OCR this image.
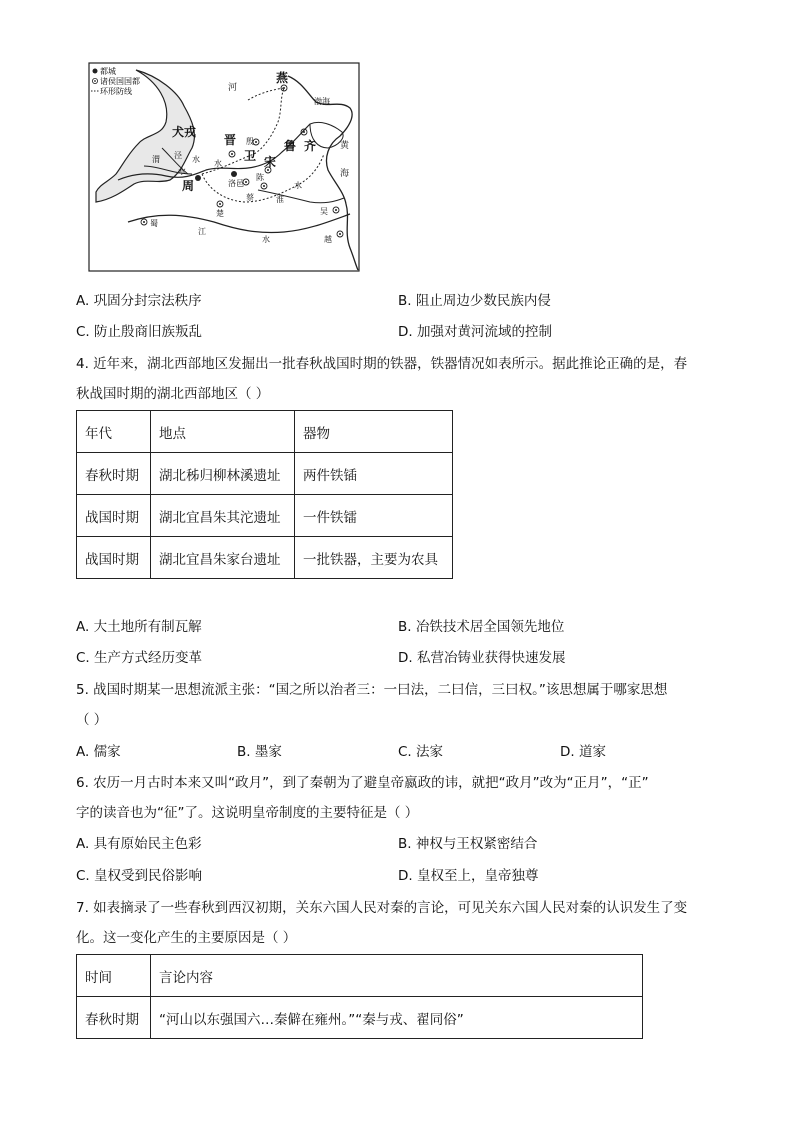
都城
诸侯国国都
环形防线
燕
渤海
河
犬戎
晋
卫
殷	鲁 齐	黄
海
宋
泾 水
渭
水
水
周	洛邑
陈
蔡	淮
水
吴
越
楚
蜀
江
水
A. 巩固分封宗法秩序	B. 阻止周边少数民族内侵
C. 防止殷商旧族叛乱	D. 加强对黄河流域的控制
4. 近年来，湖北西部地区发掘出一批春秋战国时期的铁器，铁器情况如表所示。据此推论正确的是，春
秋战国时期的湖北西部地区（ ）
年代	地点	器物
春秋时期	湖北秭归柳林溪遗址	两件铁锸
战国时期	湖北宜昌朱其沱遗址	一件铁镭
战国时期	湖北宜昌朱家台遗址	一批铁器，主要为农具
A. 大土地所有制瓦解	B. 冶铁技术居全国领先地位
C. 生产方式经历变革	D. 私营冶铸业获得快速发展
5. 战国时期某一思想流派主张：“国之所以治者三：一曰法，二曰信，三曰权。”该思想属于哪家思想
（ ）
A. 儒家	B. 墨家	C. 法家	D. 道家
6. 农历一月古时本来又叫“政月”，到了秦朝为了避皇帝嬴政的讳，就把“政月”改为“正月”，“正”
字的读音也为“征”了。这说明皇帝制度的主要特征是（ ）
A. 具有原始民主色彩	B. 神权与王权紧密结合
C. 皇权受到民俗影响	D. 皇权至上，皇帝独尊
7. 如表摘录了一些春秋到西汉初期，关东六国人民对秦的言论，可见关东六国人民对秦的认识发生了变
化。这一变化产生的主要原因是（ ）
时间	言论内容
春秋时期	“河山以东强国六…秦僻在雍州。”“秦与戎、翟同俗”
